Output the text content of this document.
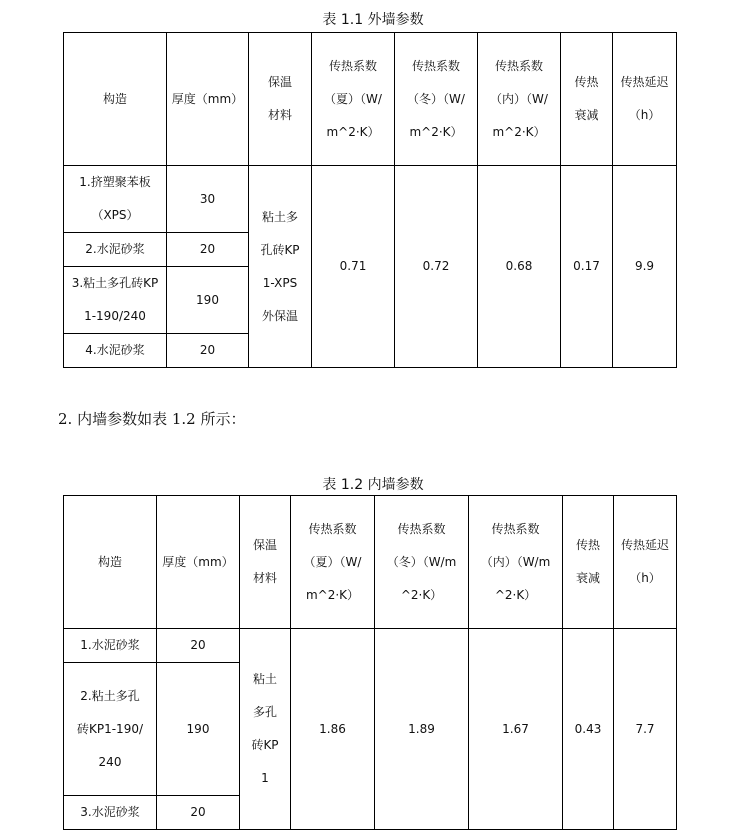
表 1.1 外墙参数
构造	厚度（mm）	保温材料	传热系数（夏）（W/m^2·K）	传热系数（冬）（W/m^2·K）	传热系数（内）（W/m^2·K）	传热衰减	传热延迟（h）
1.挤塑聚苯板（XPS）	30	粘土多孔砖KP1-XPS外保温	0.71	0.72	0.68	0.17	9.9
2.水泥砂浆	20						
3.粘土多孔砖KP1-190/240	190						
4.水泥砂浆	20						
2. 内墙参数如表 1.2 所示：
表 1.2 内墙参数
构造	厚度（mm）	保温材料	传热系数（夏）（W/m^2·K）	传热系数（冬）（W/m^2·K）	传热系数（内）（W/m^2·K）	传热衰减	传热延迟（h）
1.水泥砂浆	20	粘土多孔砖KP1	1.86	1.89	1.67	0.43	7.7
2.粘土多孔砖KP1-190/240	190						
3.水泥砂浆	20						
